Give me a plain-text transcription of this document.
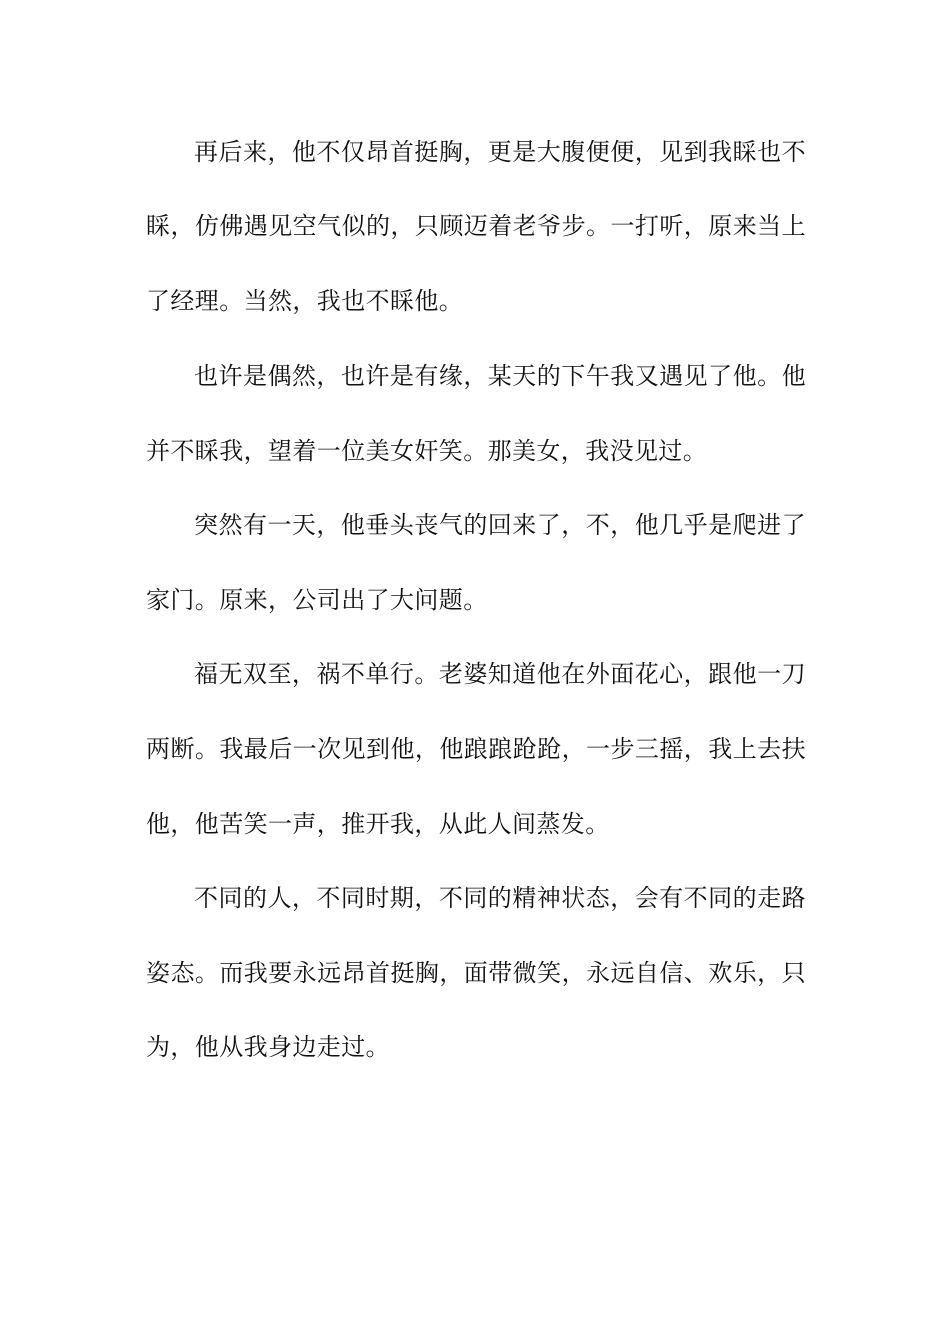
再后来，他不仅昂首挺胸，更是大腹便便，见到我睬也不
睬，仿佛遇见空气似的，只顾迈着老爷步。一打听，原来当上
了经理。当然，我也不睬他。
也许是偶然，也许是有缘，某天的下午我又遇见了他。他
并不睬我，望着一位美女奸笑。那美女，我没见过。
突然有一天，他垂头丧气的回来了，不，他几乎是爬进了
家门。原来，公司出了大问题。
福无双至，祸不单行。老婆知道他在外面花心，跟他一刀
两断。我最后一次见到他，他踉踉跄跄，一步三摇，我上去扶
他，他苦笑一声，推开我，从此人间蒸发。
不同的人，不同时期，不同的精神状态，会有不同的走路
姿态。而我要永远昂首挺胸，面带微笑，永远自信、欢乐，只
为，他从我身边走过。
